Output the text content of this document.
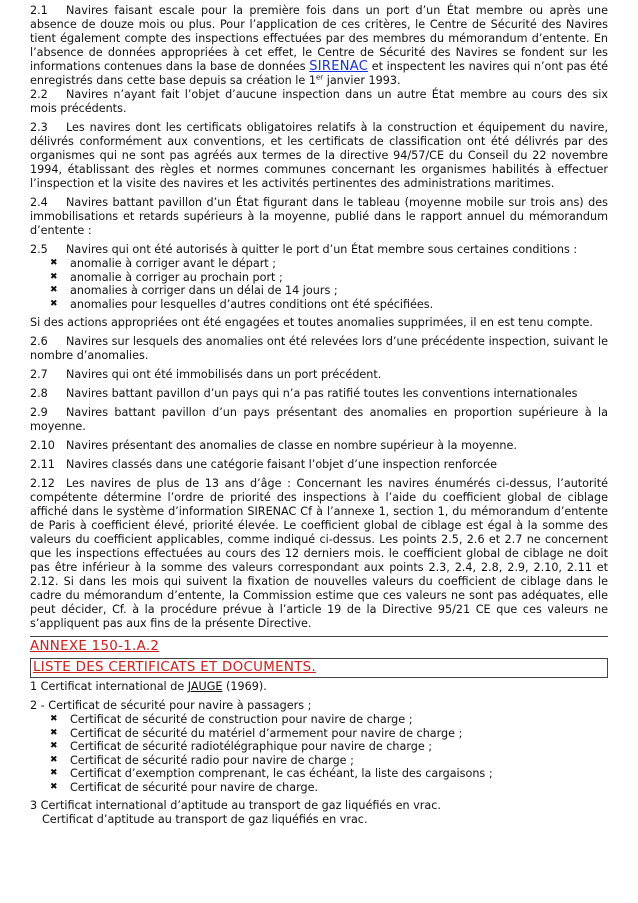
2.1 Navires faisant escale pour la première fois dans un port d’un État membre ou après une absence de douze mois ou plus. Pour l’application de ces critères, le Centre de Sécurité des Navires tient également compte des inspections effectuées par des membres du mémorandum d’entente. En l’absence de données appropriées à cet effet, le Centre de Sécurité des Navires se fondent sur les informations contenues dans la base de données SIRENAC et inspectent les navires qui n’ont pas été enregistrés dans cette base depuis sa création le 1er janvier 1993.

2.2 Navires n’ayant fait l’objet d’aucune inspection dans un autre État membre au cours des six mois précédents.

2.3 Les navires dont les certificats obligatoires relatifs à la construction et équipement du navire, délivrés conformément aux conventions, et les certificats de classification ont été délivrés par des organismes qui ne sont pas agréés aux termes de la directive 94/57/CE du Conseil du 22 novembre 1994, établissant des règles et normes communes concernant les organismes habilités à effectuer l’inspection et la visite des navires et les activités pertinentes des administrations maritimes.

2.4 Navires battant pavillon d’un État figurant dans le tableau (moyenne mobile sur trois ans) des immobilisations et retards supérieurs à la moyenne, publié dans le rapport annuel du mémorandum d’entente :

2.5 Navires qui ont été autorisés à quitter le port d’un État membre sous certaines conditions :

✖ anomalie à corriger avant le départ ;
✖ anomalie à corriger au prochain port ;
✖ anomalies à corriger dans un délai de 14 jours ;
✖ anomalies pour lesquelles d’autres conditions ont été spécifiées.

Si des actions appropriées ont été engagées et toutes anomalies supprimées, il en est tenu compte.

2.6 Navires sur lesquels des anomalies ont été relevées lors d’une précédente inspection, suivant le nombre d’anomalies.

2.7 Navires qui ont été immobilisés dans un port précédent.

2.8 Navires battant pavillon d’un pays qui n’a pas ratifié toutes les conventions internationales

2.9 Navires battant pavillon d’un pays présentant des anomalies en proportion supérieure à la moyenne.

2.10 Navires présentant des anomalies de classe en nombre supérieur à la moyenne.

2.11 Navires classés dans une catégorie faisant l’objet d’une inspection renforcée

2.12 Les navires de plus de 13 ans d’âge : Concernant les navires énumérés ci-dessus, l’autorité compétente détermine l’ordre de priorité des inspections à l’aide du coefficient global de ciblage affiché dans le système d’information SIRENAC Cf à l’annexe 1, section 1, du mémorandum d’entente de Paris à coefficient élevé, priorité élevée. Le coefficient global de ciblage est égal à la somme des valeurs du coefficient applicables, comme indiqué ci-dessus. Les points 2.5, 2.6 et 2.7 ne concernent que les inspections effectuées au cours des 12 derniers mois. le coefficient global de ciblage ne doit pas être inférieur à la somme des valeurs correspondant aux points 2.3, 2.4, 2.8, 2.9, 2.10, 2.11 et 2.12. Si dans les mois qui suivent la fixation de nouvelles valeurs du coefficient de ciblage dans le cadre du mémorandum d’entente, la Commission estime que ces valeurs ne sont pas adéquates, elle peut décider, Cf. à la procédure prévue à l’article 19 de la Directive 95/21 CE que ces valeurs ne s’appliquent pas aux fins de la présente Directive.

ANNEXE 150-1.A.2
LISTE DES CERTIFICATS ET DOCUMENTS.

1 Certificat international de JAUGE (1969).

2 - Certificat de sécurité pour navire à passagers ;

✖ Certificat de sécurité de construction pour navire de charge ;
✖ Certificat de sécurité du matériel d’armement pour navire de charge ;
✖ Certificat de sécurité radiotélégraphique pour navire de charge ;
✖ Certificat de sécurité radio pour navire de charge ;
✖ Certificat d’exemption comprenant, le cas échéant, la liste des cargaisons ;
✖ Certificat de sécurité pour navire de charge.

3 Certificat international d’aptitude au transport de gaz liquéfiés en vrac.

Certificat d’aptitude au transport de gaz liquéfiés en vrac.
